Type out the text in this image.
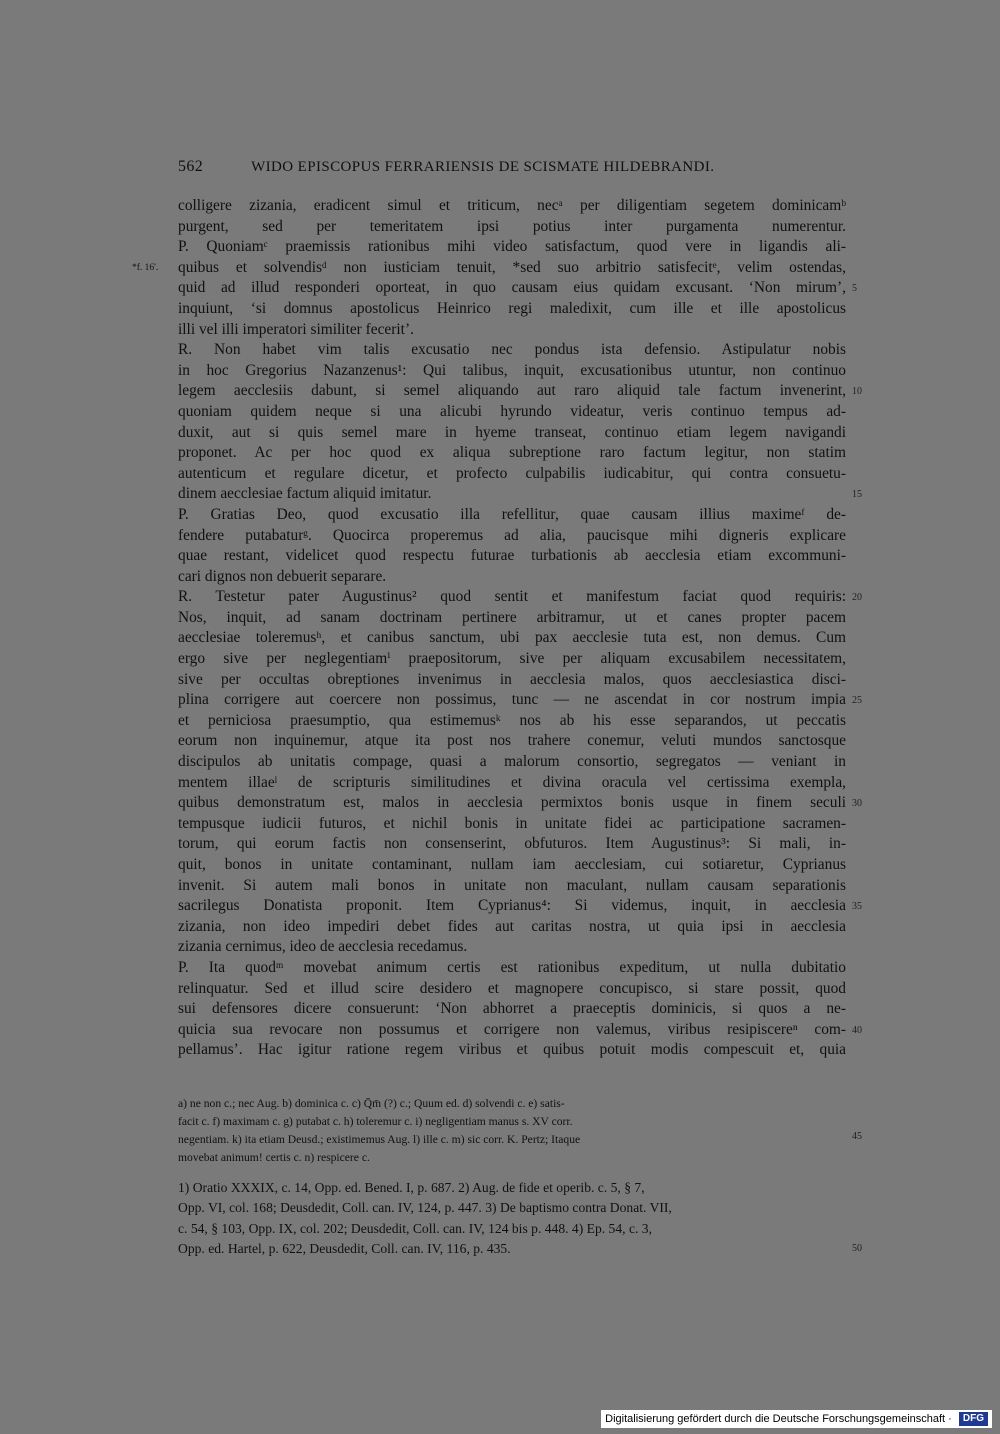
562	WIDO EPISCOPUS FERRARIENSIS DE SCISMATE HILDEBRANDI.
*f. 16'.
colligere zizania, eradicent simul et triticum, necᵃ per diligentiam segetem dominicamᵇ
purgent, sed per temeritatem ipsi potius inter purgamenta numerentur.
P. Quoniamᶜ praemissis rationibus mihi video satisfactum, quod vere in ligandis ali-
quibus et solvendisᵈ non iusticiam tenuit, *sed suo arbitrio satisfecitᵉ, velim ostendas,
quid ad illud responderi oporteat, in quo causam eius quidam excusant. ‘Non mirum’,
inquiunt, ‘si domnus apostolicus Heinrico regi maledixit, cum ille et ille apostolicus
illi vel illi imperatori similiter fecerit’.
R. Non habet vim talis excusatio nec pondus ista defensio. Astipulatur nobis
in hoc Gregorius Nazanzenus¹: Qui talibus, inquit, excusationibus utuntur, non continuo
legem aecclesiis dabunt, si semel aliquando aut raro aliquid tale factum invenerint,
quoniam quidem neque si una alicubi hyrundo videatur, veris continuo tempus ad-
duxit, aut si quis semel mare in hyeme transeat, continuo etiam legem navigandi
proponet. Ac per hoc quod ex aliqua subreptione raro factum legitur, non statim
autenticum et regulare dicetur, et profecto culpabilis iudicabitur, qui contra consuetu-
dinem aecclesiae factum aliquid imitatur.
P. Gratias Deo, quod excusatio illa refellitur, quae causam illius maximeᶠ de-
fendere putabaturᵍ. Quocirca properemus ad alia, paucisque mihi digneris explicare
quae restant, videlicet quod respectu futurae turbationis ab aecclesia etiam excommuni-
cari dignos non debuerit separare.
R. Testetur pater Augustinus² quod sentit et manifestum faciat quod requiris:
Nos, inquit, ad sanam doctrinam pertinere arbitramur, ut et canes propter pacem
aecclesiae toleremusʰ, et canibus sanctum, ubi pax aecclesie tuta est, non demus. Cum
ergo sive per neglegentiamⁱ praepositorum, sive per aliquam excusabilem necessitatem,
sive per occultas obreptiones invenimus in aecclesia malos, quos aecclesiastica disci-
plina corrigere aut coercere non possimus, tunc — ne ascendat in cor nostrum impia
et perniciosa praesumptio, qua estimemusᵏ nos ab his esse separandos, ut peccatis
eorum non inquinemur, atque ita post nos trahere conemur, veluti mundos sanctosque
discipulos ab unitatis compage, quasi a malorum consortio, segregatos — veniant in
mentem illaeˡ de scripturis similitudines et divina oracula vel certissima exempla,
quibus demonstratum est, malos in aecclesia permixtos bonis usque in finem seculi
tempusque iudicii futuros, et nichil bonis in unitate fidei ac participatione sacramen-
torum, qui eorum factis non consenserint, obfuturos. Item Augustinus³: Si mali, in-
quit, bonos in unitate contaminant, nullam iam aecclesiam, cui sotiaretur, Cyprianus
invenit. Si autem mali bonos in unitate non maculant, nullam causam separationis
sacrilegus Donatista proponit. Item Cyprianus⁴: Si videmus, inquit, in aecclesia
zizania, non ideo impediri debet fides aut caritas nostra, ut quia ipsi in aecclesia
zizania cernimus, ideo de aecclesia recedamus.
P. Ita quodᵐ movebat animum certis est rationibus expeditum, ut nulla dubitatio
relinquatur. Sed et illud scire desidero et magnopere concupisco, si stare possit, quod
sui defensores dicere consuerunt: ‘Non abhorret a praeceptis dominicis, si quos a ne-
quicia sua revocare non possumus et corrigere non valemus, viribus resipiscereⁿ com-
pellamus’. Hac igitur ratione regem viribus et quibus potuit modis compescuit et, quia
5
10
15
20
25
30
35
40
a) ne non c.; nec Aug. b) dominica c. c) Q̄m̄ (?) c.; Quum ed. d) solvendi c. e) satis-
facit c. f) maximam c. g) putabat c. h) toleremur c. i) negligentiam manus s. XV corr.
negentiam. k) ita etiam Deusd.; existimemus Aug. l) ille c. m) sic corr. K. Pertz; Itaque
movebat animum! certis c. n) respicere c.
45
1) Oratio XXXIX, c. 14, Opp. ed. Bened. I, p. 687. 2) Aug. de fide et operib. c. 5, § 7,
Opp. VI, col. 168; Deusdedit, Coll. can. IV, 124, p. 447. 3) De baptismo contra Donat. VII,
c. 54, § 103, Opp. IX, col. 202; Deusdedit, Coll. can. IV, 124 bis p. 448. 4) Ep. 54, c. 3,
Opp. ed. Hartel, p. 622, Deusdedit, Coll. can. IV, 116, p. 435.	50
Digitalisierung gefördert durch die Deutsche Forschungsgemeinschaft · DFG
